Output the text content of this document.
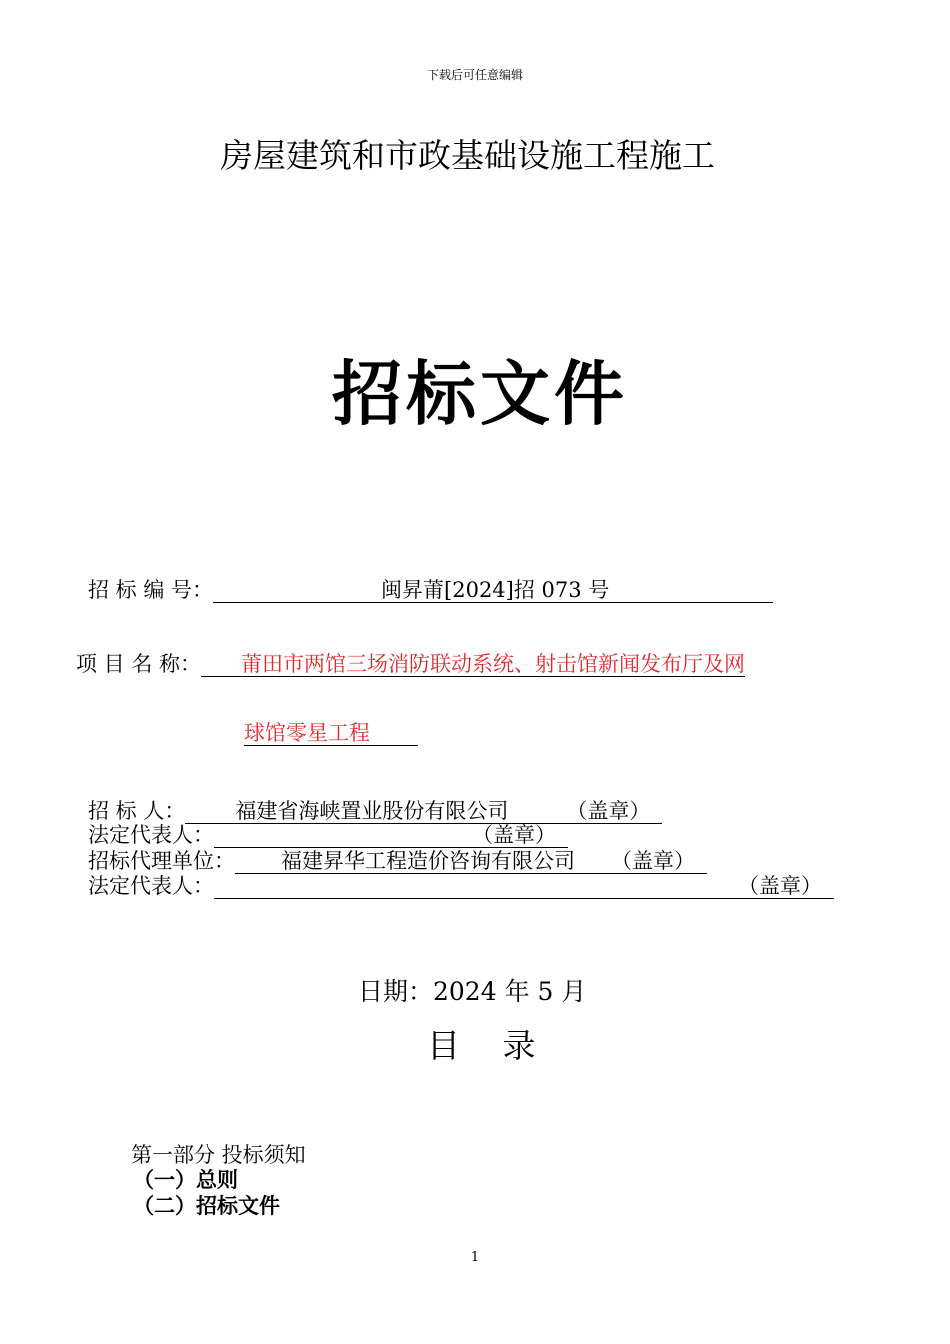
下载后可任意编辑
房屋建筑和市政基础设施工程施工
招标文件
招 标 编 号：	闽昇莆[2024]招 073 号
项 目 名 称： 莆田市两馆三场消防联动系统、射击馆新闻发布厅及网
球馆零星工程
招 标 人： 福建省海峡置业股份有限公司	（盖章）
法定代表人：	（盖章）
招标代理单位： 福建昇华工程造价咨询有限公司 （盖章）
法定代表人：	（盖章）
日期：2024 年 5 月
目 录
第一部分 投标须知
（一）总则
（二）招标文件
1
